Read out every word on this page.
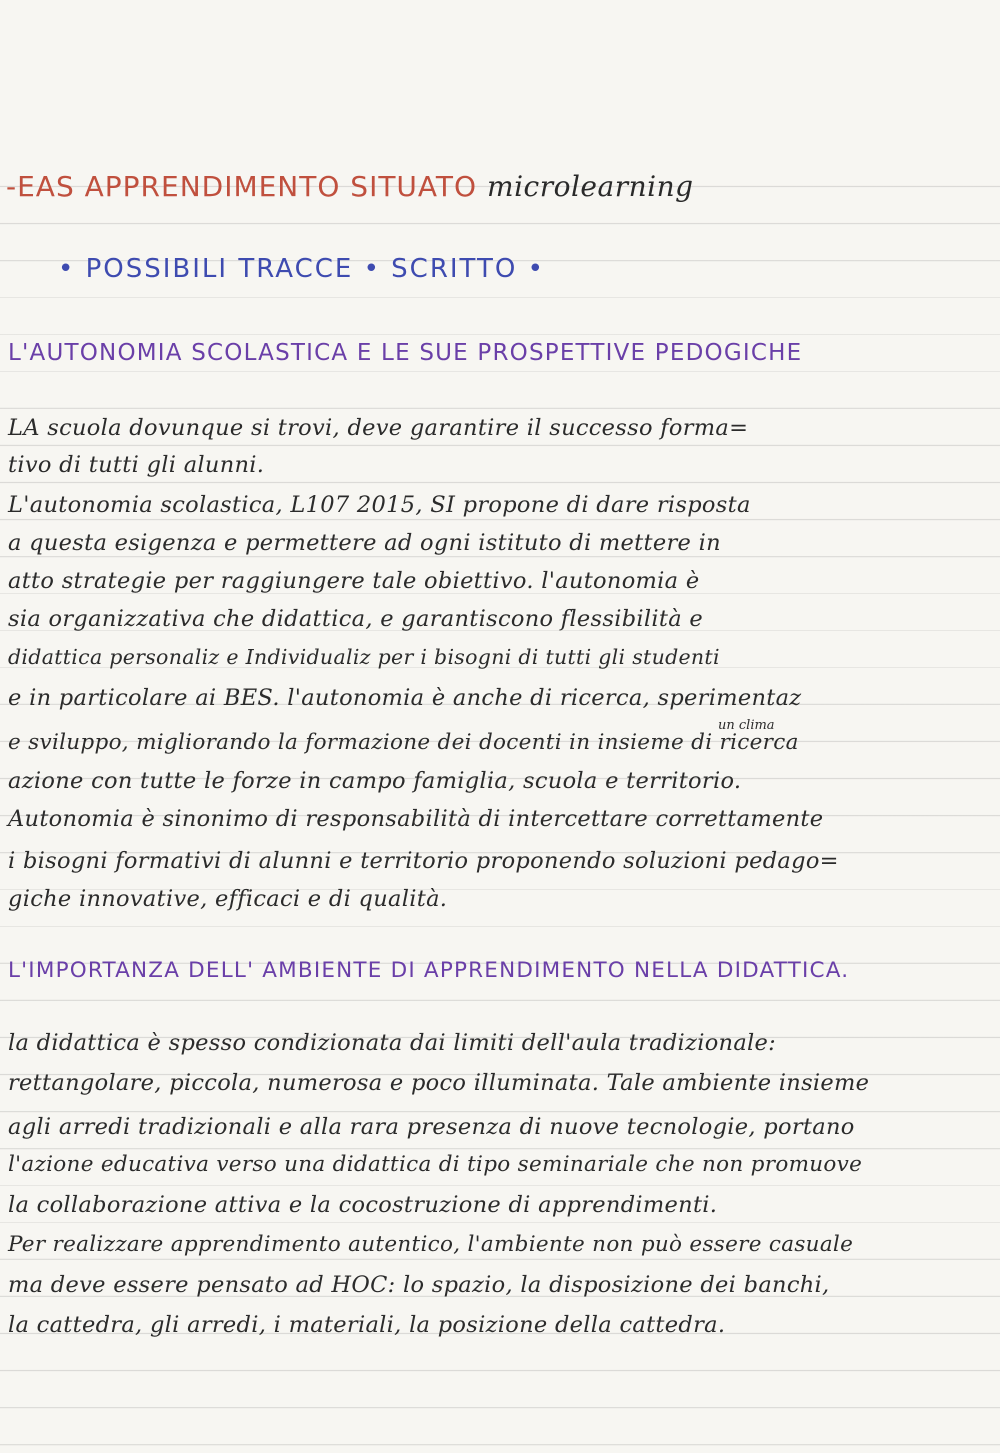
-EAS APPRENDIMENTO SITUATO microlearning
• POSSIBILI TRACCE • SCRITTO •
L'AUTONOMIA SCOLASTICA E LE SUE PROSPETTIVE PEDOGICHE
LA scuola dovunque si trovi, deve garantire il successo forma=
tivo di tutti gli alunni.
L'autonomia scolastica, L107 2015, SI propone di dare risposta
a questa esigenza e permettere ad ogni istituto di mettere in
atto strategie per raggiungere tale obiettivo. l'autonomia è
sia organizzativa che didattica, e garantiscono flessibilità e
didattica personaliz e Individualiz per i bisogni di tutti gli studenti
e in particolare ai BES. l'autonomia è anche di ricerca, sperimentaz
un clima
e sviluppo, migliorando la formazione dei docenti in insieme di ricerca
azione con tutte le forze in campo famiglia, scuola e territorio.
Autonomia è sinonimo di responsabilità di intercettare correttamente
i bisogni formativi di alunni e territorio proponendo soluzioni pedago=
giche innovative, efficaci e di qualità.
L'IMPORTANZA DELL' AMBIENTE DI APPRENDIMENTO NELLA DIDATTICA.
la didattica è spesso condizionata dai limiti dell'aula tradizionale:
rettangolare, piccola, numerosa e poco illuminata. Tale ambiente insieme
agli arredi tradizionali e alla rara presenza di nuove tecnologie, portano
l'azione educativa verso una didattica di tipo seminariale che non promuove
la collaborazione attiva e la cocostruzione di apprendimenti.
Per realizzare apprendimento autentico, l'ambiente non può essere casuale
ma deve essere pensato ad HOC: lo spazio, la disposizione dei banchi,
la cattedra, gli arredi, i materiali, la posizione della cattedra.
